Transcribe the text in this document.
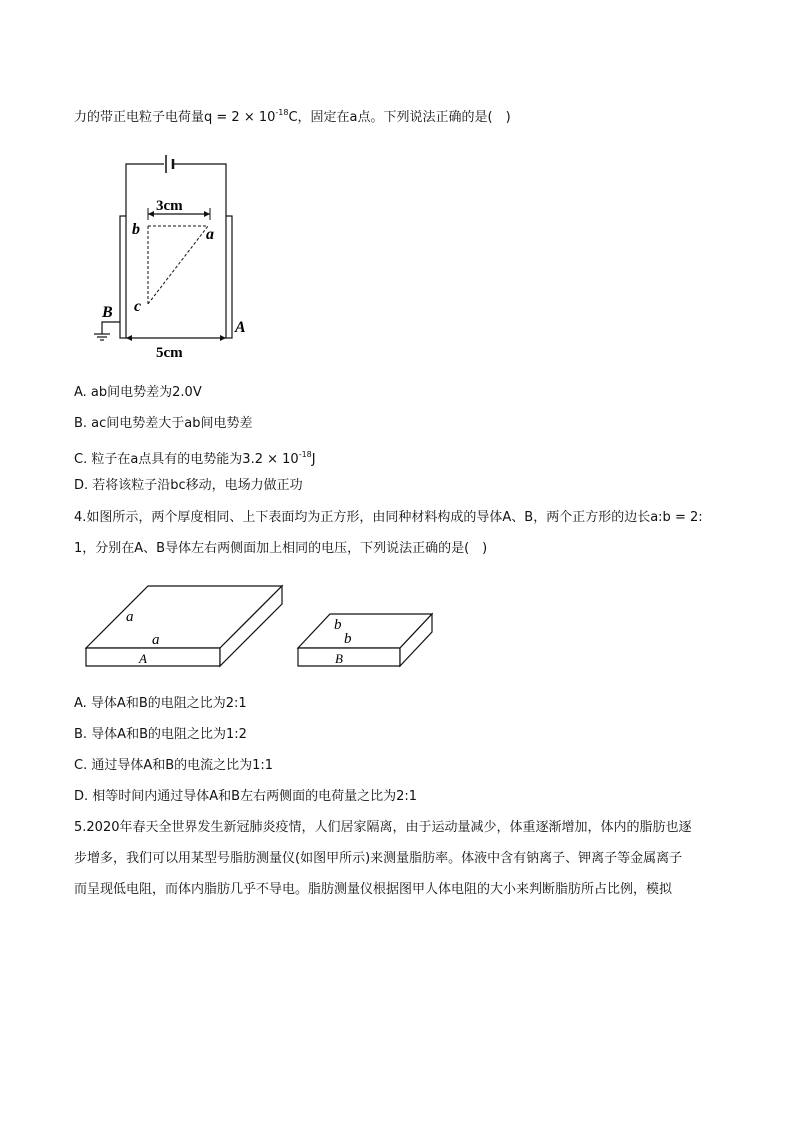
力的带正电粒子电荷量$q = 2 \times 10^{-18}C$，固定在a点。下列说法正确的是(　)
3cm
b	a
c
B
A
5cm
A. ab间电势差为2.0V
B. ac间电势差大于ab间电势差
C. 粒子在a点具有的电势能为$3.2 \times 10^{-18}J$
D. 若将该粒子沿bc移动，电场力做正功
4.如图所示，两个厚度相同、上下表面均为正方形，由同种材料构成的导体A、B，两个正方形的边长a:b = 2:
1，分别在A、B导体左右两侧面加上相同的电压，下列说法正确的是(　)
a
a
A
b
b
B
A. 导体A和B的电阻之比为2:1
B. 导体A和B的电阻之比为1:2
C. 通过导体A和B的电流之比为1:1
D. 相等时间内通过导体A和B左右两侧面的电荷量之比为2:1
5.2020年春天全世界发生新冠肺炎疫情，人们居家隔离，由于运动量减少，体重逐渐增加，体内的脂肪也逐
步增多，我们可以用某型号脂肪测量仪(如图甲所示)来测量脂肪率。体液中含有钠离子、钾离子等金属离子
而呈现低电阻，而体内脂肪几乎不导电。脂肪测量仪根据图甲人体电阻的大小来判断脂肪所占比例，模拟
